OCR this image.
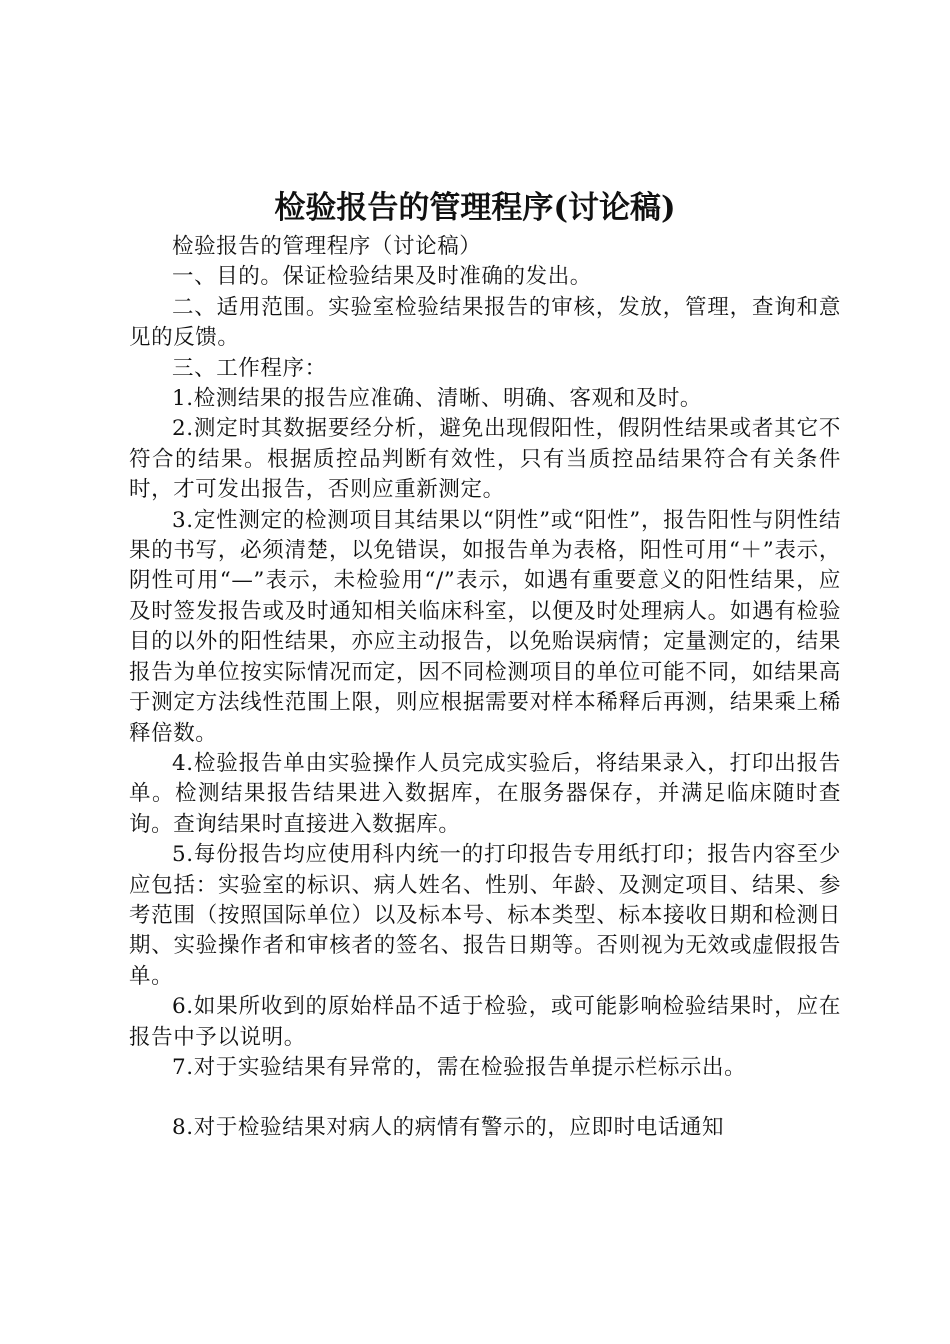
检验报告的管理程序(讨论稿)

检验报告的管理程序（讨论稿）

一、目的。保证检验结果及时准确的发出。

二、适用范围。实验室检验结果报告的审核，发放，管理，查询和意见的反馈。

三、工作程序：

1.检测结果的报告应准确、清晰、明确、客观和及时。

2.测定时其数据要经分析，避免出现假阳性，假阴性结果或者其它不符合的结果。根据质控品判断有效性，只有当质控品结果符合有关条件时，才可发出报告，否则应重新测定。

3.定性测定的检测项目其结果以“阴性”或“阳性”，报告阳性与阴性结果的书写，必须清楚，以免错误，如报告单为表格，阳性可用“＋”表示，阴性可用“—”表示，未检验用“/”表示，如遇有重要意义的阳性结果，应及时签发报告或及时通知相关临床科室，以便及时处理病人。如遇有检验目的以外的阳性结果，亦应主动报告，以免贻误病情；定量测定的，结果报告为单位按实际情况而定，因不同检测项目的单位可能不同，如结果高于测定方法线性范围上限，则应根据需要对样本稀释后再测，结果乘上稀释倍数。

4.检验报告单由实验操作人员完成实验后，将结果录入，打印出报告单。检测结果报告结果进入数据库，在服务器保存，并满足临床随时查询。查询结果时直接进入数据库。

5.每份报告均应使用科内统一的打印报告专用纸打印；报告内容至少应包括：实验室的标识、病人姓名、性别、年龄、及测定项目、结果、参考范围（按照国际单位）以及标本号、标本类型、标本接收日期和检测日期、实验操作者和审核者的签名、报告日期等。否则视为无效或虚假报告单。

6.如果所收到的原始样品不适于检验，或可能影响检验结果时，应在报告中予以说明。

7.对于实验结果有异常的，需在检验报告单提示栏标示出。

8.对于检验结果对病人的病情有警示的，应即时电话通知
